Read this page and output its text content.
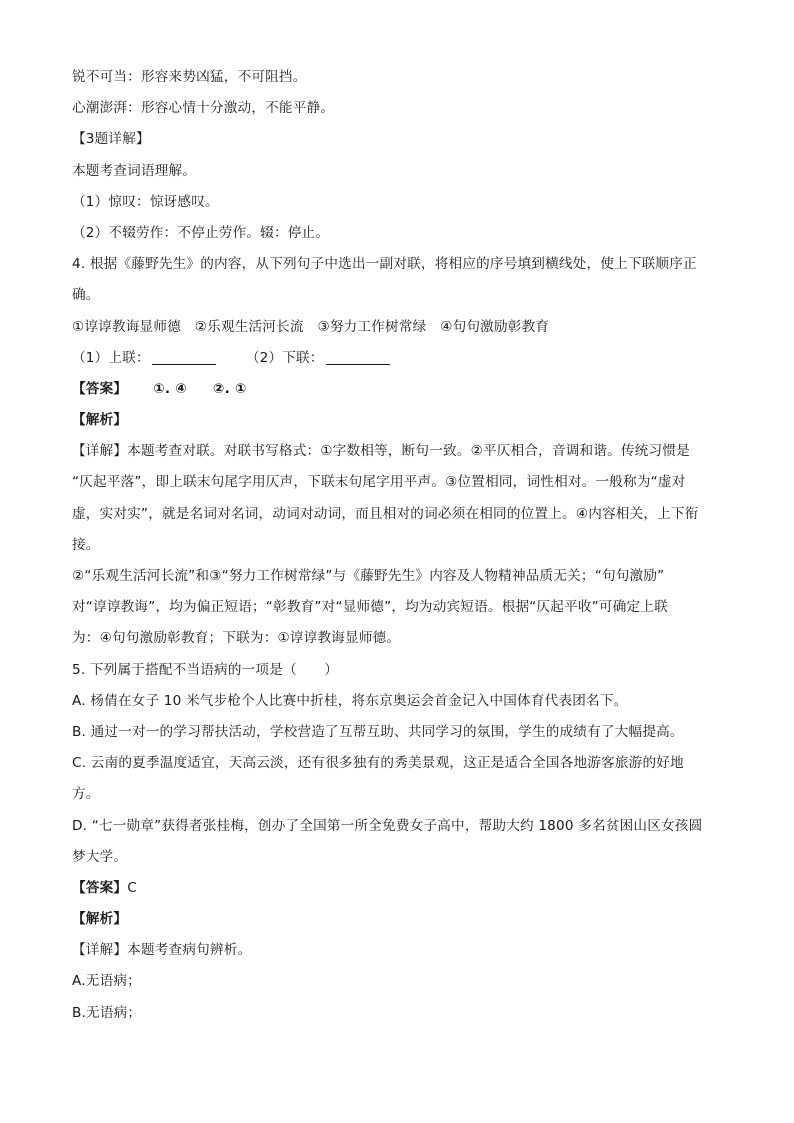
锐不可当：形容来势凶猛，不可阻挡。
心潮澎湃：形容心情十分激动，不能平静。
【3题详解】
本题考查词语理解。
（1）惊叹：惊讶感叹。
（2）不辍劳作：不停止劳作。辍：停止。
4. 根据《藤野先生》的内容，从下列句子中选出一副对联，将相应的序号填到横线处，使上下联顺序正
确。
①谆谆教诲显师德　②乐观生活河长流　③努力工作树常绿　④句句激励彰教育
（1）上联：	（2）下联：
【答案】 ①. ④ ②. ①
【解析】
【详解】本题考查对联。对联书写格式：①字数相等，断句一致。②平仄相合，音调和谐。传统习惯是
“仄起平落”，即上联末句尾字用仄声，下联末句尾字用平声。③位置相同，词性相对。一般称为“虚对
虚，实对实”，就是名词对名词，动词对动词，而且相对的词必须在相同的位置上。④内容相关，上下衔
接。
②“乐观生活河长流”和③“努力工作树常绿”与《藤野先生》内容及人物精神品质无关；“句句激励”
对“谆谆教诲”，均为偏正短语；“彰教育”对“显师德”，均为动宾短语。根据“仄起平收”可确定上联
为：④句句激励彰教育；下联为：①谆谆教诲显师德。
5. 下列属于搭配不当语病的一项是（　　）
A. 杨倩在女子 10 米气步枪个人比赛中折桂，将东京奥运会首金记入中国体育代表团名下。
B. 通过一对一的学习帮扶活动，学校营造了互帮互助、共同学习的氛围，学生的成绩有了大幅提高。
C. 云南的夏季温度适宜，天高云淡，还有很多独有的秀美景观，这正是适合全国各地游客旅游的好地
方。
D. “七一勋章”获得者张桂梅，创办了全国第一所全免费女子高中，帮助大约 1800 多名贫困山区女孩圆
梦大学。
【答案】C
【解析】
【详解】本题考查病句辨析。
A.无语病；
B.无语病；
